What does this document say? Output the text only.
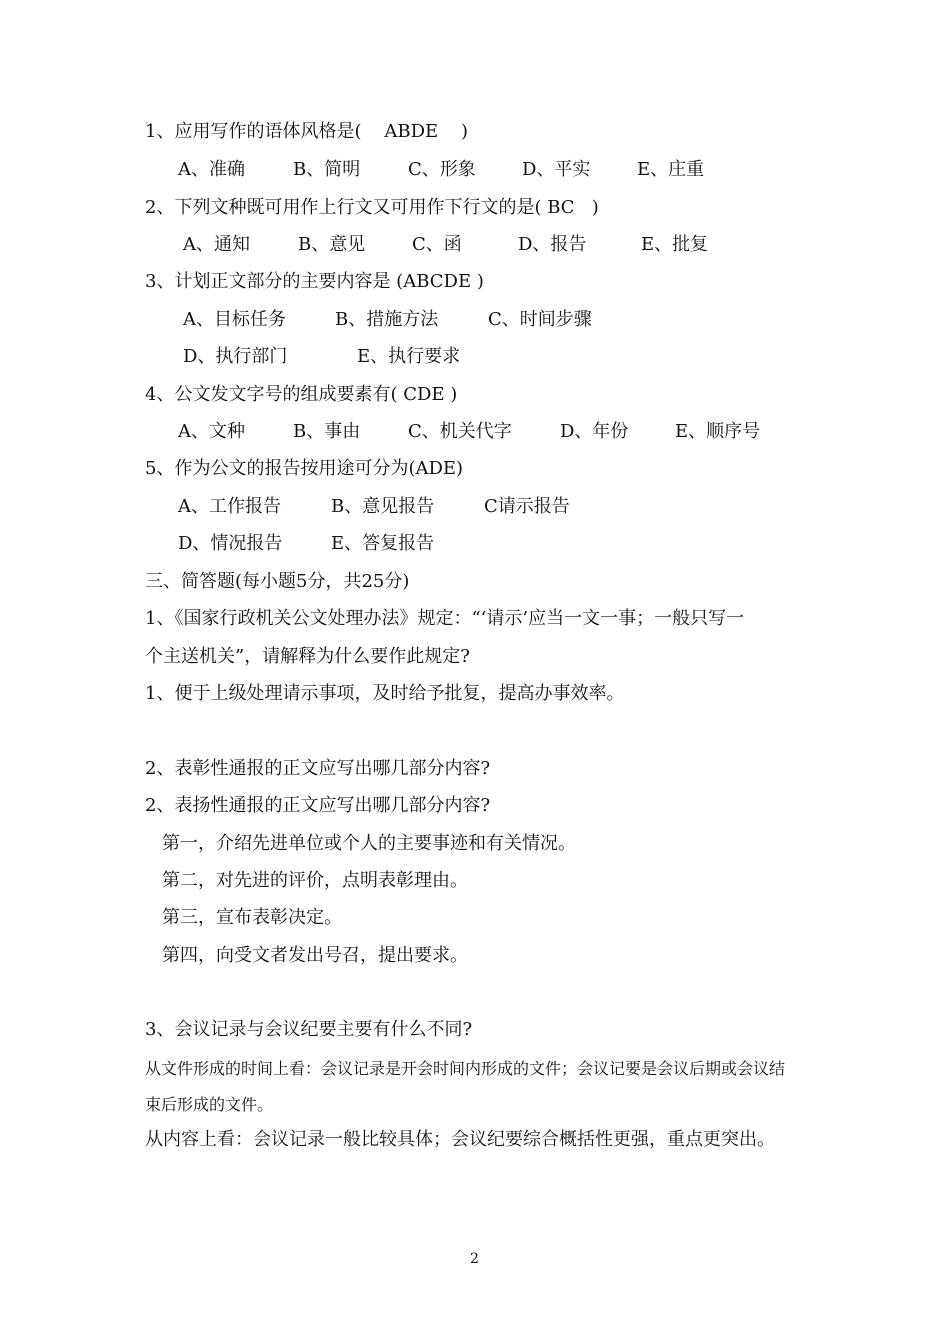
1、应用写作的语体风格是(    ABDE    )
A、准确	B、简明	C、形象	D、平实	E、庄重
2、下列文种既可用作上行文又可用作下行文的是( BC   )
A、通知	B、意见	C、函	D、报告	E、批复
3、计划正文部分的主要内容是 (ABCDE )
A、目标任务	B、措施方法	C、时间步骤
D、执行部门	E、执行要求
4、公文发文字号的组成要素有( CDE )
A、文种	B、事由	C、机关代字	D、年份	E、顺序号
5、作为公文的报告按用途可分为(ADE)
A、工作报告	B、意见报告	C请示报告
D、情况报告	E、答复报告
三、简答题(每小题5分，共25分)
1、《国家行政机关公文处理办法》规定：“‘请示’应当一文一事；一般只写一
个主送机关”，请解释为什么要作此规定?
1、便于上级处理请示事项，及时给予批复，提高办事效率。
2、表彰性通报的正文应写出哪几部分内容?
2、表扬性通报的正文应写出哪几部分内容?
第一，介绍先进单位或个人的主要事迹和有关情况。
第二，对先进的评价，点明表彰理由。
第三，宣布表彰决定。
第四，向受文者发出号召，提出要求。
3、会议记录与会议纪要主要有什么不同?
从文件形成的时间上看：会议记录是开会时间内形成的文件；会议记要是会议后期或会议结
束后形成的文件。
从内容上看：会议记录一般比较具体；会议纪要综合概括性更强，重点更突出。
2
